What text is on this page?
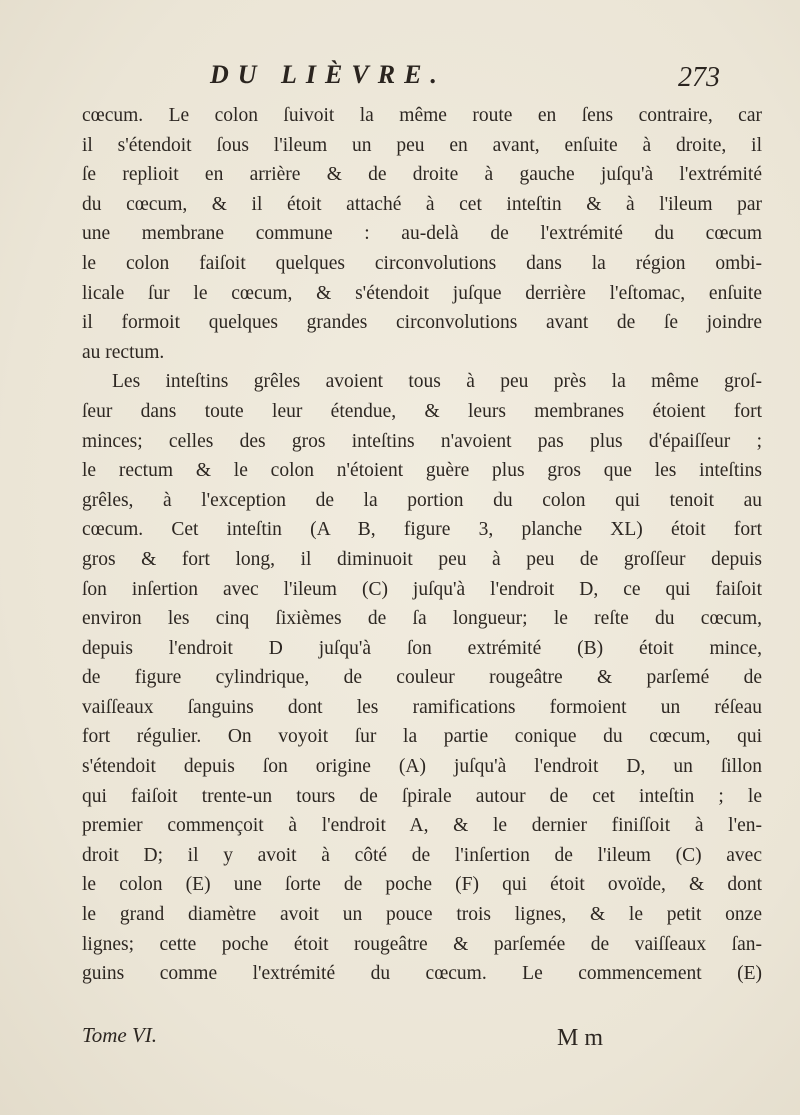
DU LIÈVRE.	273
cœcum. Le colon ſuivoit la même route en ſens contraire, car
il s'étendoit ſous l'ileum un peu en avant, enſuite à droite, il
ſe replioit en arrière & de droite à gauche juſqu'à l'extrémité
du cœcum, & il étoit attaché à cet inteſtin & à l'ileum par
une membrane commune : au-delà de l'extrémité du cœcum
le colon faiſoit quelques circonvolutions dans la région ombi-
licale ſur le cœcum, & s'étendoit juſque derrière l'eſtomac, enſuite
il formoit quelques grandes circonvolutions avant de ſe joindre
au rectum.
Les inteſtins grêles avoient tous à peu près la même groſ-
ſeur dans toute leur étendue, & leurs membranes étoient fort
minces; celles des gros inteſtins n'avoient pas plus d'épaiſſeur ;
le rectum & le colon n'étoient guère plus gros que les inteſtins
grêles, à l'exception de la portion du colon qui tenoit au
cœcum. Cet inteſtin (A B, figure 3, planche XL) étoit fort
gros & fort long, il diminuoit peu à peu de groſſeur depuis
ſon inſertion avec l'ileum (C) juſqu'à l'endroit D, ce qui faiſoit
environ les cinq ſixièmes de ſa longueur; le reſte du cœcum,
depuis l'endroit D juſqu'à ſon extrémité (B) étoit mince,
de figure cylindrique, de couleur rougeâtre & parſemé de
vaiſſeaux ſanguins dont les ramifications formoient un réſeau
fort régulier. On voyoit ſur la partie conique du cœcum, qui
s'étendoit depuis ſon origine (A) juſqu'à l'endroit D, un ſillon
qui faiſoit trente-un tours de ſpirale autour de cet inteſtin ; le
premier commençoit à l'endroit A, & le dernier finiſſoit à l'en-
droit D; il y avoit à côté de l'inſertion de l'ileum (C) avec
le colon (E) une ſorte de poche (F) qui étoit ovoïde, & dont
le grand diamètre avoit un pouce trois lignes, & le petit onze
lignes; cette poche étoit rougeâtre & parſemée de vaiſſeaux ſan-
guins comme l'extrémité du cœcum. Le commencement (E)
Tome VI.	M m
